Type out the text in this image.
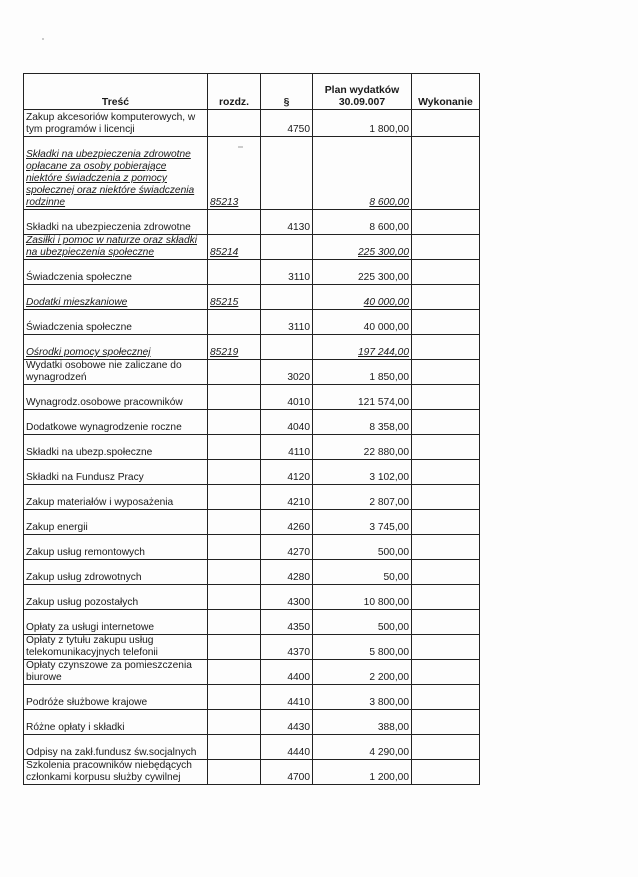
Treść	rozdz.	§	Plan wydatków 30.09.007	Wykonanie
Zakup akcesoriów komputerowych, w tym programów i licencji		4750	1 800,00	
Składki na ubezpieczenia zdrowotne opłacane za osoby pobierające niektóre świadczenia z pomocy społecznej oraz niektóre świadczenia rodzinne	85213		8 600,00	
Składki na ubezpieczenia zdrowotne		4130	8 600,00	
Zasiłki i pomoc w naturze oraz składki na ubezpieczenia społeczne	85214		225 300,00	
Świadczenia społeczne		3110	225 300,00	
Dodatki mieszkaniowe	85215		40 000,00	
Świadczenia społeczne		3110	40 000,00	
Ośrodki pomocy społecznej	85219		197 244,00	
Wydatki osobowe nie zaliczane do wynagrodzeń		3020	1 850,00	
Wynagrodz.osobowe pracowników		4010	121 574,00	
Dodatkowe wynagrodzenie roczne		4040	8 358,00	
Składki na ubezp.społeczne		4110	22 880,00	
Składki na Fundusz Pracy		4120	3 102,00	
Zakup materiałów i wyposażenia		4210	2 807,00	
Zakup energii		4260	3 745,00	
Zakup usług remontowych		4270	500,00	
Zakup usług zdrowotnych		4280	50,00	
Zakup usług pozostałych		4300	10 800,00	
Opłaty za usługi internetowe		4350	500,00	
Opłaty z tytułu zakupu usług telekomunikacyjnych telefonii		4370	5 800,00	
Opłaty czynszowe za pomieszczenia biurowe		4400	2 200,00	
Podróże służbowe krajowe		4410	3 800,00	
Różne opłaty i składki		4430	388,00	
Odpisy na zakł.fundusz św.socjalnych		4440	4 290,00	
Szkolenia pracowników niebędących członkami korpusu służby cywilnej		4700	1 200,00	
